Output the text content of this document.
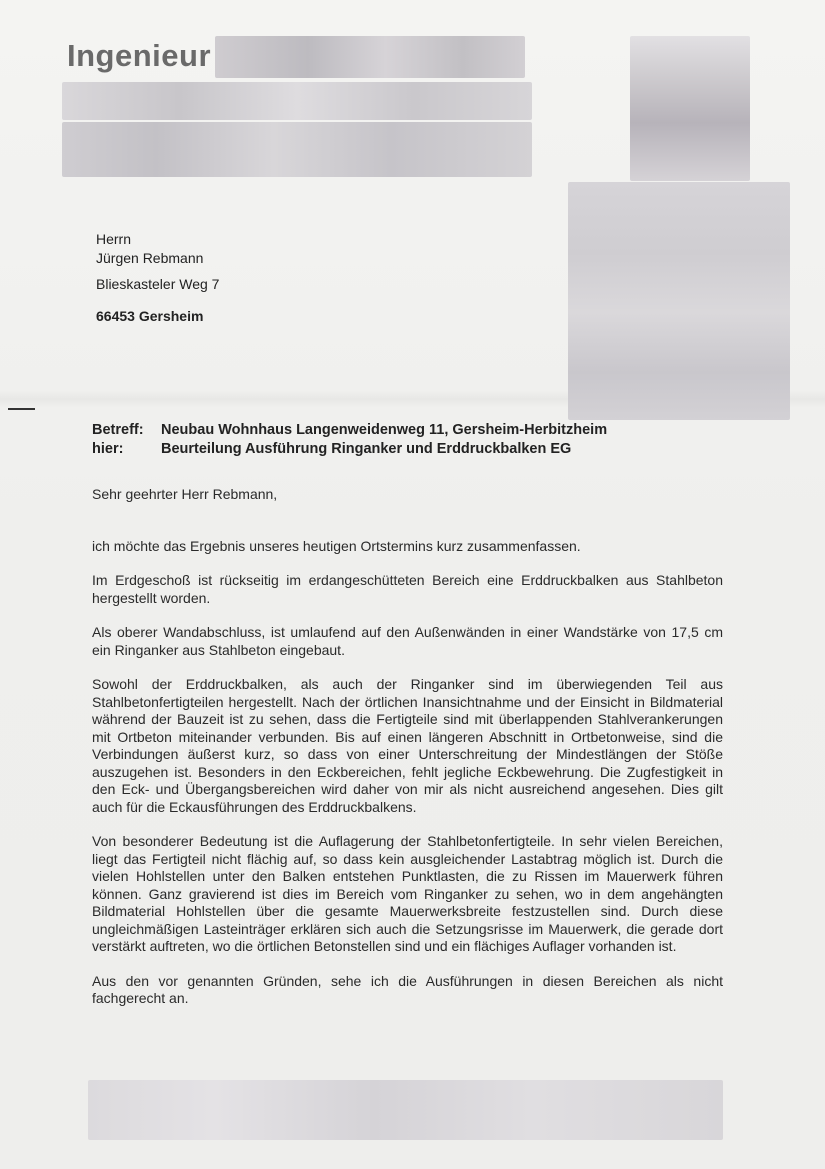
Ingenieur
Herrn
Jürgen Rebmann
Blieskasteler Weg 7
66453 Gersheim
Betreff:	Neubau Wohnhaus Langenweidenweg 11, Gersheim-Herbitzheim
hier:	Beurteilung Ausführung Ringanker und Erddruckbalken EG

Sehr geehrter Herr Rebmann,

ich möchte das Ergebnis unseres heutigen Ortstermins kurz zusammenfassen.

Im Erdgeschoß ist rückseitig im erdangeschütteten Bereich eine Erddruckbalken aus Stahlbeton hergestellt worden.

Als oberer Wandabschluss, ist umlaufend auf den Außenwänden in einer Wandstärke von 17,5 cm ein Ringanker aus Stahlbeton eingebaut.

Sowohl der Erddruckbalken, als auch der Ringanker sind im überwiegenden Teil aus Stahlbetonfertigteilen hergestellt. Nach der örtlichen Inansichtnahme und der Einsicht in Bildmaterial während der Bauzeit ist zu sehen, dass die Fertigteile sind mit überlappenden Stahlverankerungen mit Ortbeton miteinander verbunden. Bis auf einen längeren Abschnitt in Ortbetonweise, sind die Verbindungen äußerst kurz, so dass von einer Unterschreitung der Mindestlängen der Stöße auszugehen ist. Besonders in den Eckbereichen, fehlt jegliche Eckbewehrung. Die Zugfestigkeit in den Eck- und Übergangsbereichen wird daher von mir als nicht ausreichend angesehen. Dies gilt auch für die Eckausführungen des Erddruckbalkens.

Von besonderer Bedeutung ist die Auflagerung der Stahlbetonfertigteile. In sehr vielen Bereichen, liegt das Fertigteil nicht flächig auf, so dass kein ausgleichender Lastabtrag möglich ist. Durch die vielen Hohlstellen unter den Balken entstehen Punktlasten, die zu Rissen im Mauerwerk führen können. Ganz gravierend ist dies im Bereich vom Ringanker zu sehen, wo in dem angehängten Bildmaterial Hohlstellen über die gesamte Mauerwerksbreite festzustellen sind. Durch diese ungleichmäßigen Lasteinträger erklären sich auch die Setzungsrisse im Mauerwerk, die gerade dort verstärkt auftreten, wo die örtlichen Betonstellen sind und ein flächiges Auflager vorhanden ist.

Aus den vor genannten Gründen, sehe ich die Ausführungen in diesen Bereichen als nicht fachgerecht an.
